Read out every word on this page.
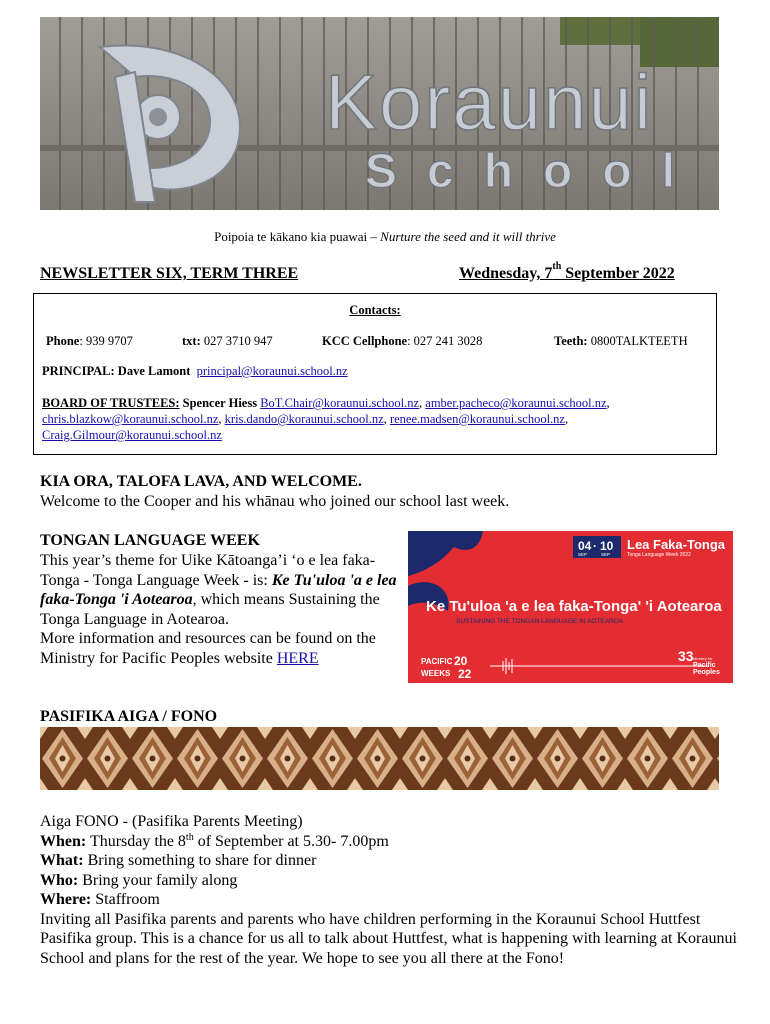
Koraunui
School
Poipoia te kākano kia puawai – Nurture the seed and it will thrive
NEWSLETTER SIX, TERM THREE	Wednesday, 7th September 2022
Contacts:
Phone: 939 9707	txt: 027 3710 947	KCC Cellphone: 027 241 3028	Teeth: 0800TALKTEETH
PRINCIPAL: Dave Lamont principal@koraunui.school.nz
BOARD OF TRUSTEES: Spencer Hiess BoT.Chair@koraunui.school.nz, amber.pacheco@koraunui.school.nz, chris.blazkow@koraunui.school.nz, kris.dando@koraunui.school.nz, renee.madsen@koraunui.school.nz, Craig.Gilmour@koraunui.school.nz
KIA ORA, TALOFA LAVA, AND WELCOME.
Welcome to the Cooper and his whānau who joined our school last week.
TONGAN LANGUAGE WEEK
This year’s theme for Uike Kātoanga’i ‘o e lea faka-Tonga - Tonga Language Week - is: Ke Tu'uloa 'a e lea faka-Tonga 'i Aotearoa, which means Sustaining the Tonga Language in Aotearoa.
More information and resources can be found on the Ministry for Pacific Peoples website HERE
04 · 10
SEP	SEP
Lea Faka-Tonga
Tonga Language Week 2022
Ke Tu'uloa 'a e lea faka-Tonga' 'i Aotearoa
SUSTAINING THE TONGAN LANGUAGE IN AOTEAROA
PACIFIC
WEEKS
20
22
33 Ministry for
Pacific
Peoples
PASIFIKA AIGA / FONO
Aiga FONO - (Pasifika Parents Meeting)
When: Thursday the 8th of September at 5.30- 7.00pm
What: Bring something to share for dinner
Who: Bring your family along
Where: Staffroom
Inviting all Pasifika parents and parents who have children performing in the Koraunui School Huttfest Pasifika group. This is a chance for us all to talk about Huttfest, what is happening with learning at Koraunui School and plans for the rest of the year. We hope to see you all there at the Fono!
